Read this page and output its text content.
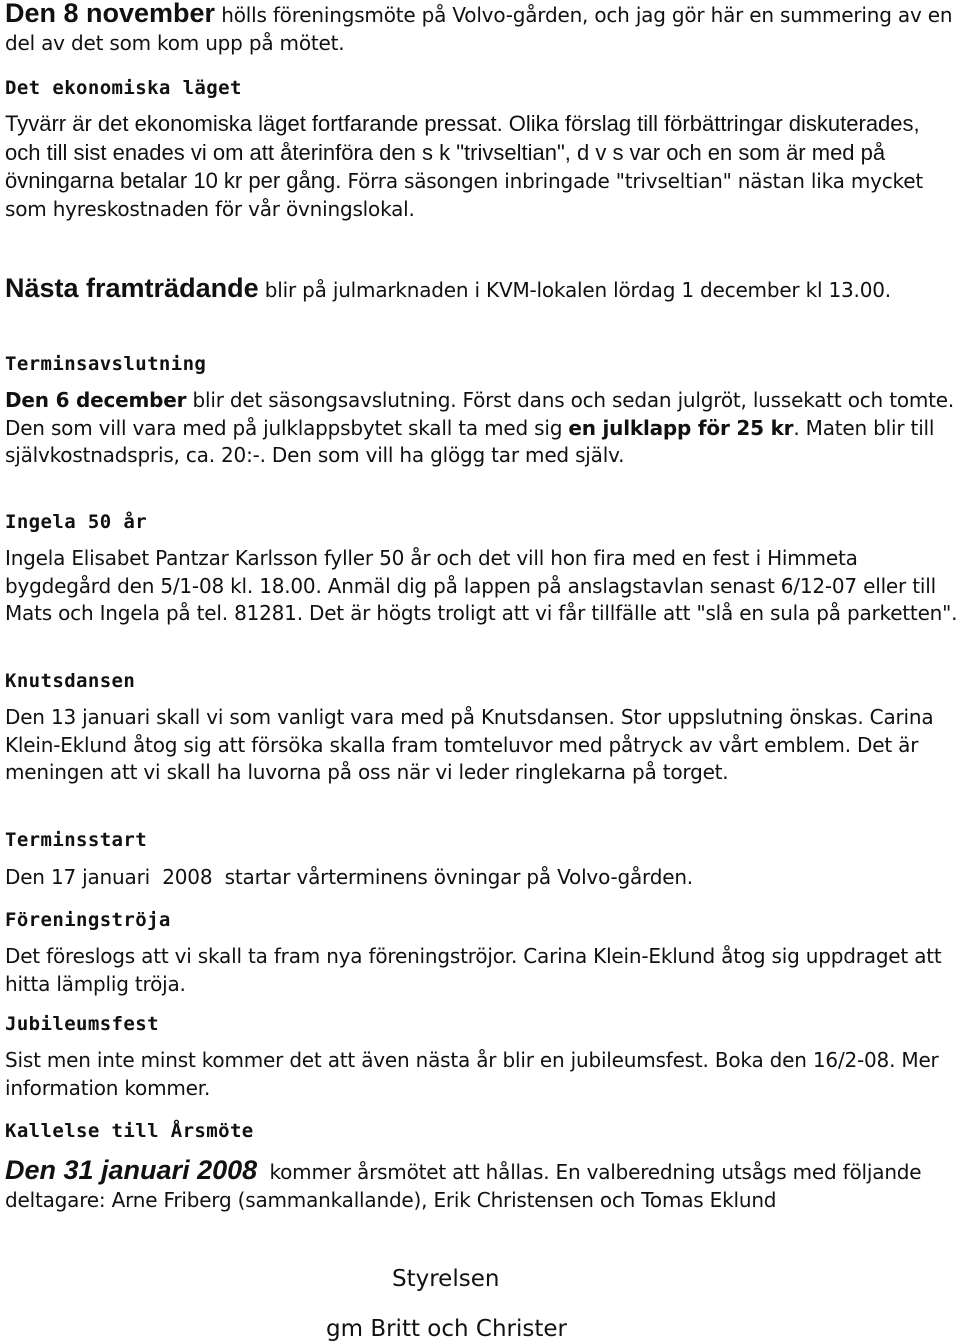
Den 8 november hölls föreningsmöte på Volvo-gården, och jag gör här en summering av en del av det som kom upp på mötet.

Det ekonomiska läget

Tyvärr är det ekonomiska läget fortfarande pressat. Olika förslag till förbättringar diskuterades, och till sist enades vi om att återinföra den s k "trivseltian", d v s var och en som är med på övningarna betalar 10 kr per gång. Förra säsongen inbringade "trivseltian" nästan lika mycket som hyreskostnaden för vår övningslokal.

Nästa framträdande blir på julmarknaden i KVM-lokalen lördag 1 december kl 13.00.

Terminsavslutning

Den 6 december blir det säsongsavslutning. Först dans och sedan julgröt, lussekatt och tomte. Den som vill vara med på julklappsbytet skall ta med sig en julklapp för 25 kr. Maten blir till självkostnadspris, ca. 20:-. Den som vill ha glögg tar med själv.

Ingela 50 år

Ingela Elisabet Pantzar Karlsson fyller 50 år och det vill hon fira med en fest i Himmeta bygdegård den 5/1-08 kl. 18.00. Anmäl dig på lappen på anslagstavlan senast 6/12-07 eller till Mats och Ingela på tel. 81281. Det är högts troligt att vi får tillfälle att "slå en sula på parketten".

Knutsdansen

Den 13 januari skall vi som vanligt vara med på Knutsdansen. Stor uppslutning önskas. Carina Klein-Eklund åtog sig att försöka skalla fram tomteluvor med påtryck av vårt emblem. Det är meningen att vi skall ha luvorna på oss när vi leder ringlekarna på torget.

Terminsstart

Den 17 januari  2008  startar vårterminens övningar på Volvo-gården.

Föreningströja

Det föreslogs att vi skall ta fram nya föreningströjor. Carina Klein-Eklund åtog sig uppdraget att hitta lämplig tröja.

Jubileumsfest

Sist men inte minst kommer det att även nästa år blir en jubileumsfest. Boka den 16/2-08. Mer information kommer.

Kallelse till Årsmöte

Den 31 januari 2008  kommer årsmötet att hållas. En valberedning utsågs med följande deltagare: Arne Friberg (sammankallande), Erik Christensen och Tomas Eklund

Styrelsen

gm Britt och Christer
